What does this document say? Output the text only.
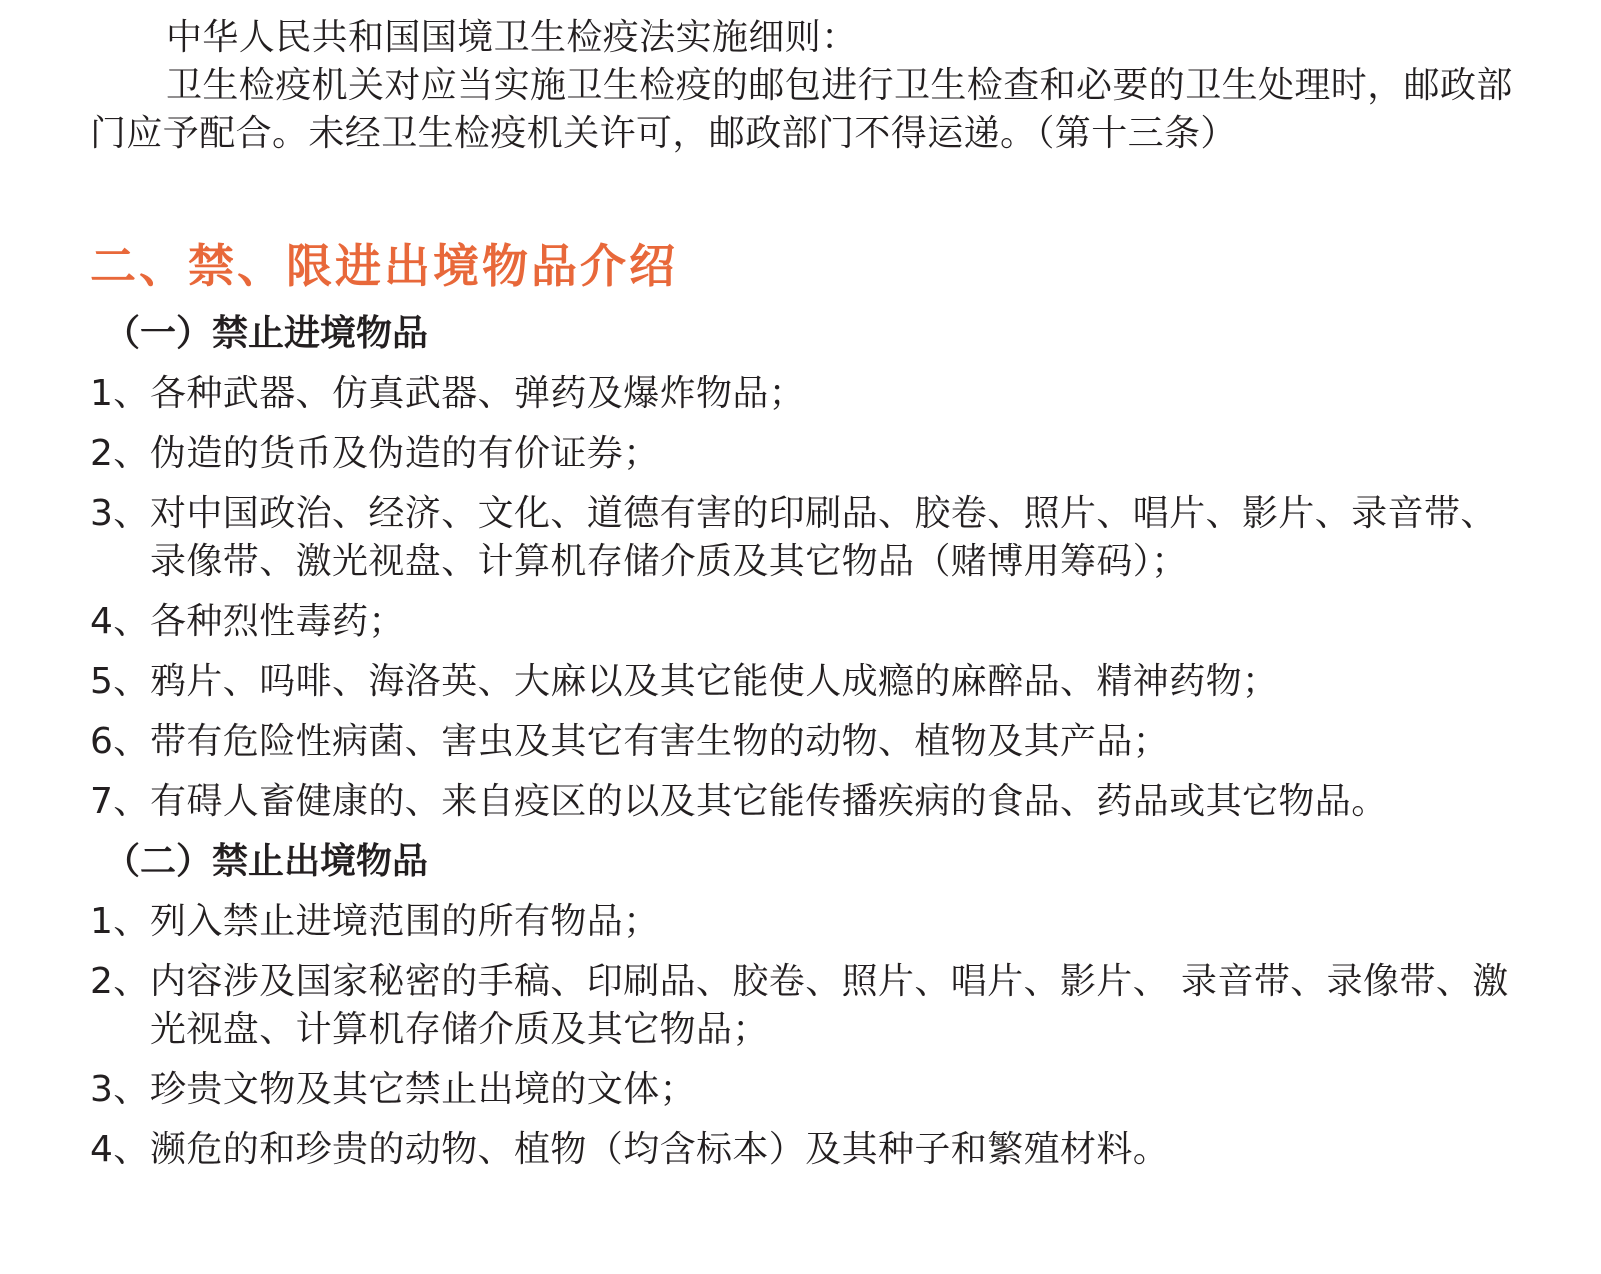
中华人民共和国国境卫生检疫法实施细则：

卫生检疫机关对应当实施卫生检疫的邮包进行卫生检查和必要的卫生处理时，邮政部门应予配合。未经卫生检疫机关许可，邮政部门不得运递。（第十三条）

二、禁、限进出境物品介绍
（一）禁止进境物品
1、 各种武器、仿真武器、弹药及爆炸物品；
2、 伪造的货币及伪造的有价证券；
3、 对中国政治、经济、文化、道德有害的印刷品、胶卷、照片、唱片、影片、录音带、录像带、激光视盘、计算机存储介质及其它物品（赌博用筹码）；
4、 各种烈性毒药；
5、 鸦片、吗啡、海洛英、大麻以及其它能使人成瘾的麻醉品、精神药物；
6、 带有危险性病菌、害虫及其它有害生物的动物、植物及其产品；
7、 有碍人畜健康的、来自疫区的以及其它能传播疾病的食品、药品或其它物品。
（二）禁止出境物品
1、 列入禁止进境范围的所有物品；
2、 内容涉及国家秘密的手稿、印刷品、胶卷、照片、唱片、影片、 录音带、录像带、激光视盘、计算机存储介质及其它物品；
3、 珍贵文物及其它禁止出境的文体；
4、 濒危的和珍贵的动物、植物（均含标本）及其种子和繁殖材料。
